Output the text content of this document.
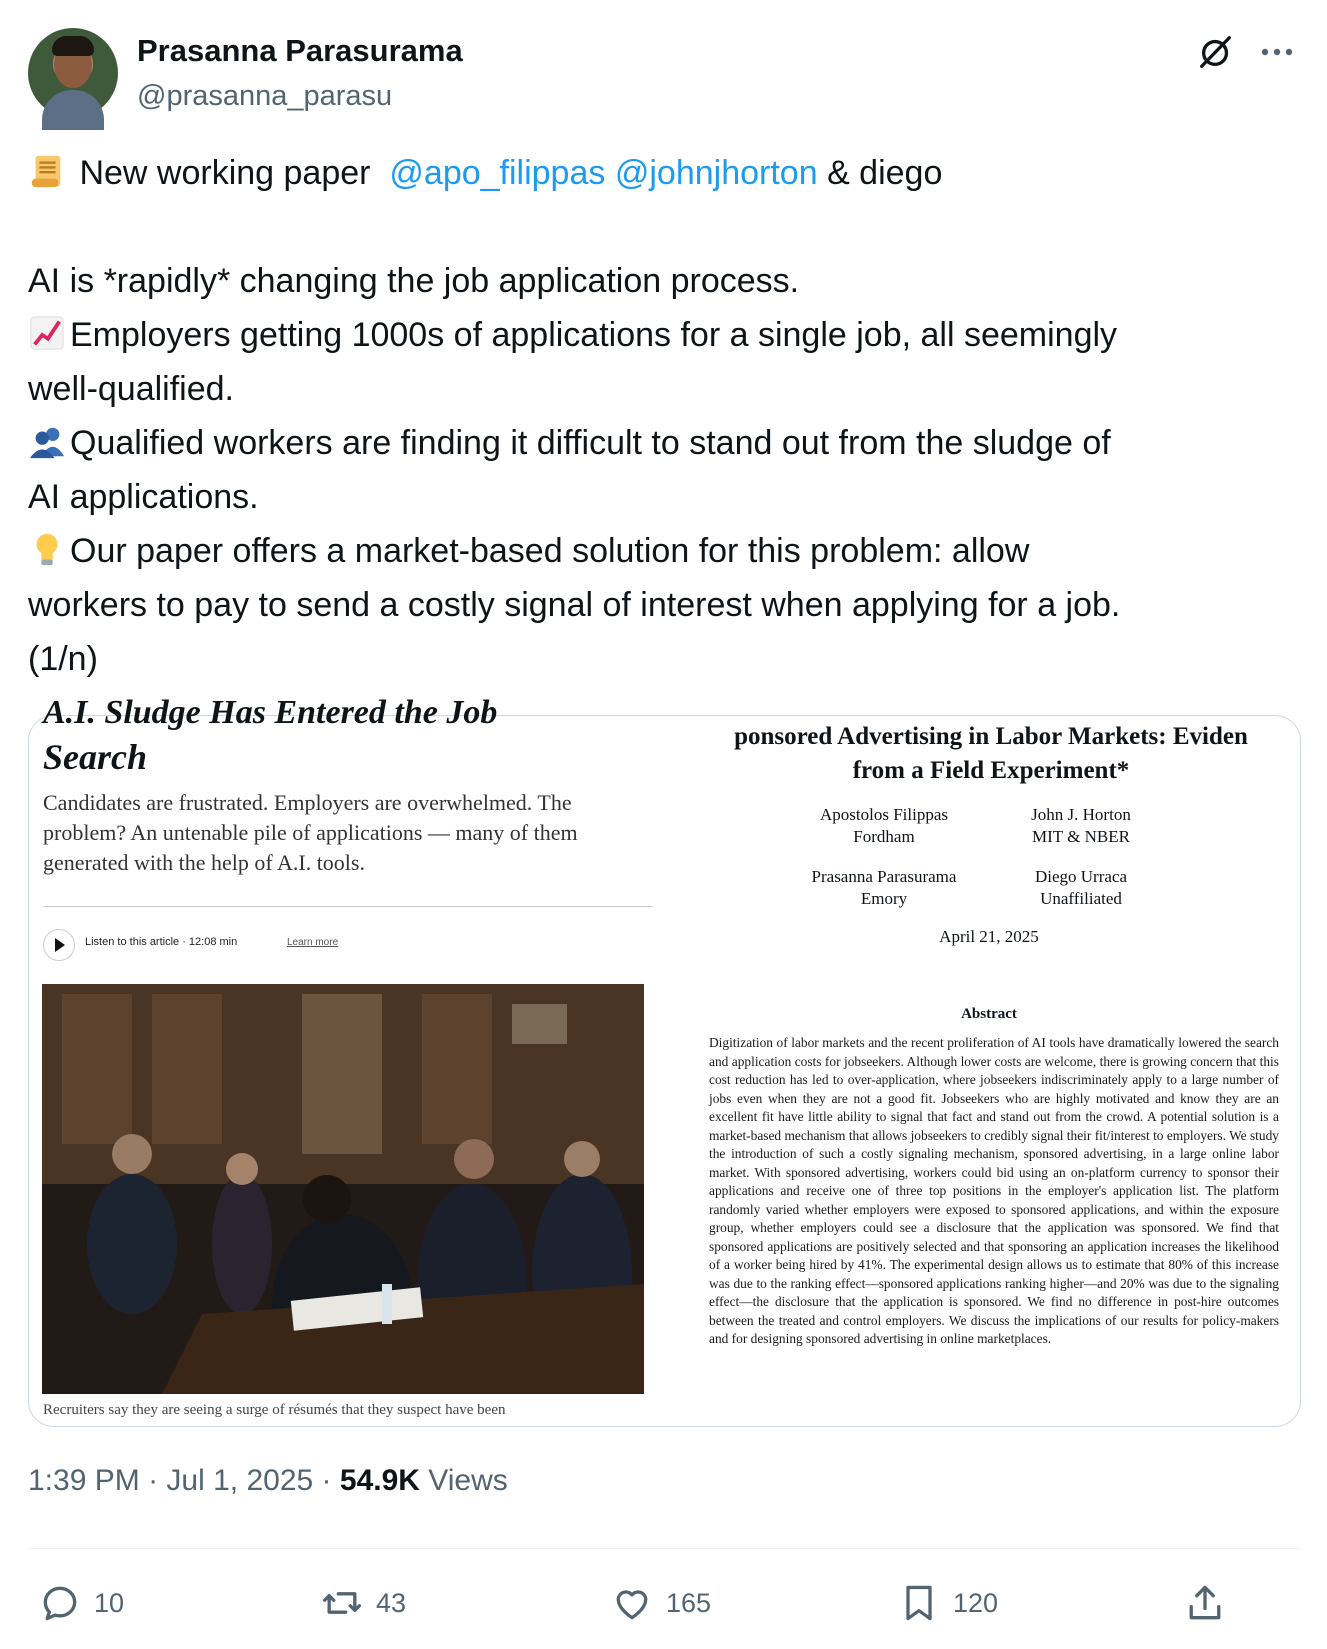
Prasanna Parasurama
@prasanna_parasu
New working paper @apo_filippas @johnjhorton & diego
AI is *rapidly* changing the job application process.
Employers getting 1000s of applications for a single job, all seemingly
well-qualified.
Qualified workers are finding it difficult to stand out from the sludge of
AI applications.
Our paper offers a market-based solution for this problem: allow
workers to pay to send a costly signal of interest when applying for a job.
(1/n)
A.I. Sludge Has Entered the Job
Search
Candidates are frustrated. Employers are overwhelmed. The problem? An untenable pile of applications — many of them generated with the help of A.I. tools.
Listen to this article · 12:08 min	Learn more
Recruiters say they are seeing a surge of résumés that they suspect have been
ponsored Advertising in Labor Markets: Eviden
from a Field Experiment*
Apostolos Filippas
Fordham
John J. Horton
MIT & NBER
Prasanna Parasurama
Emory
Diego Urraca
Unaffiliated
April 21, 2025
Abstract
Digitization of labor markets and the recent proliferation of AI tools have dramatically lowered the search and application costs for jobseekers. Although lower costs are welcome, there is growing concern that this cost reduction has led to over-application, where jobseekers indiscriminately apply to a large number of jobs even when they are not a good fit. Jobseekers who are highly motivated and know they are an excellent fit have little ability to signal that fact and stand out from the crowd. A potential solution is a market-based mechanism that allows jobseekers to credibly signal their fit/interest to employers. We study the introduction of such a costly signaling mechanism, sponsored advertising, in a large online labor market. With sponsored advertising, workers could bid using an on-platform currency to sponsor their applications and receive one of three top positions in the employer's application list. The platform randomly varied whether employers were exposed to sponsored applications, and within the exposure group, whether employers could see a disclosure that the application was sponsored. We find that sponsored applications are positively selected and that sponsoring an application increases the likelihood of a worker being hired by 41%. The experimental design allows us to estimate that 80% of this increase was due to the ranking effect—sponsored applications ranking higher—and 20% was due to the signaling effect—the disclosure that the application is sponsored. We find no difference in post-hire outcomes between the treated and control employers. We discuss the implications of our results for policy-makers and for designing sponsored advertising in online marketplaces.
1:39 PM · Jul 1, 2025 · 54.9K Views
10	43	165	120
